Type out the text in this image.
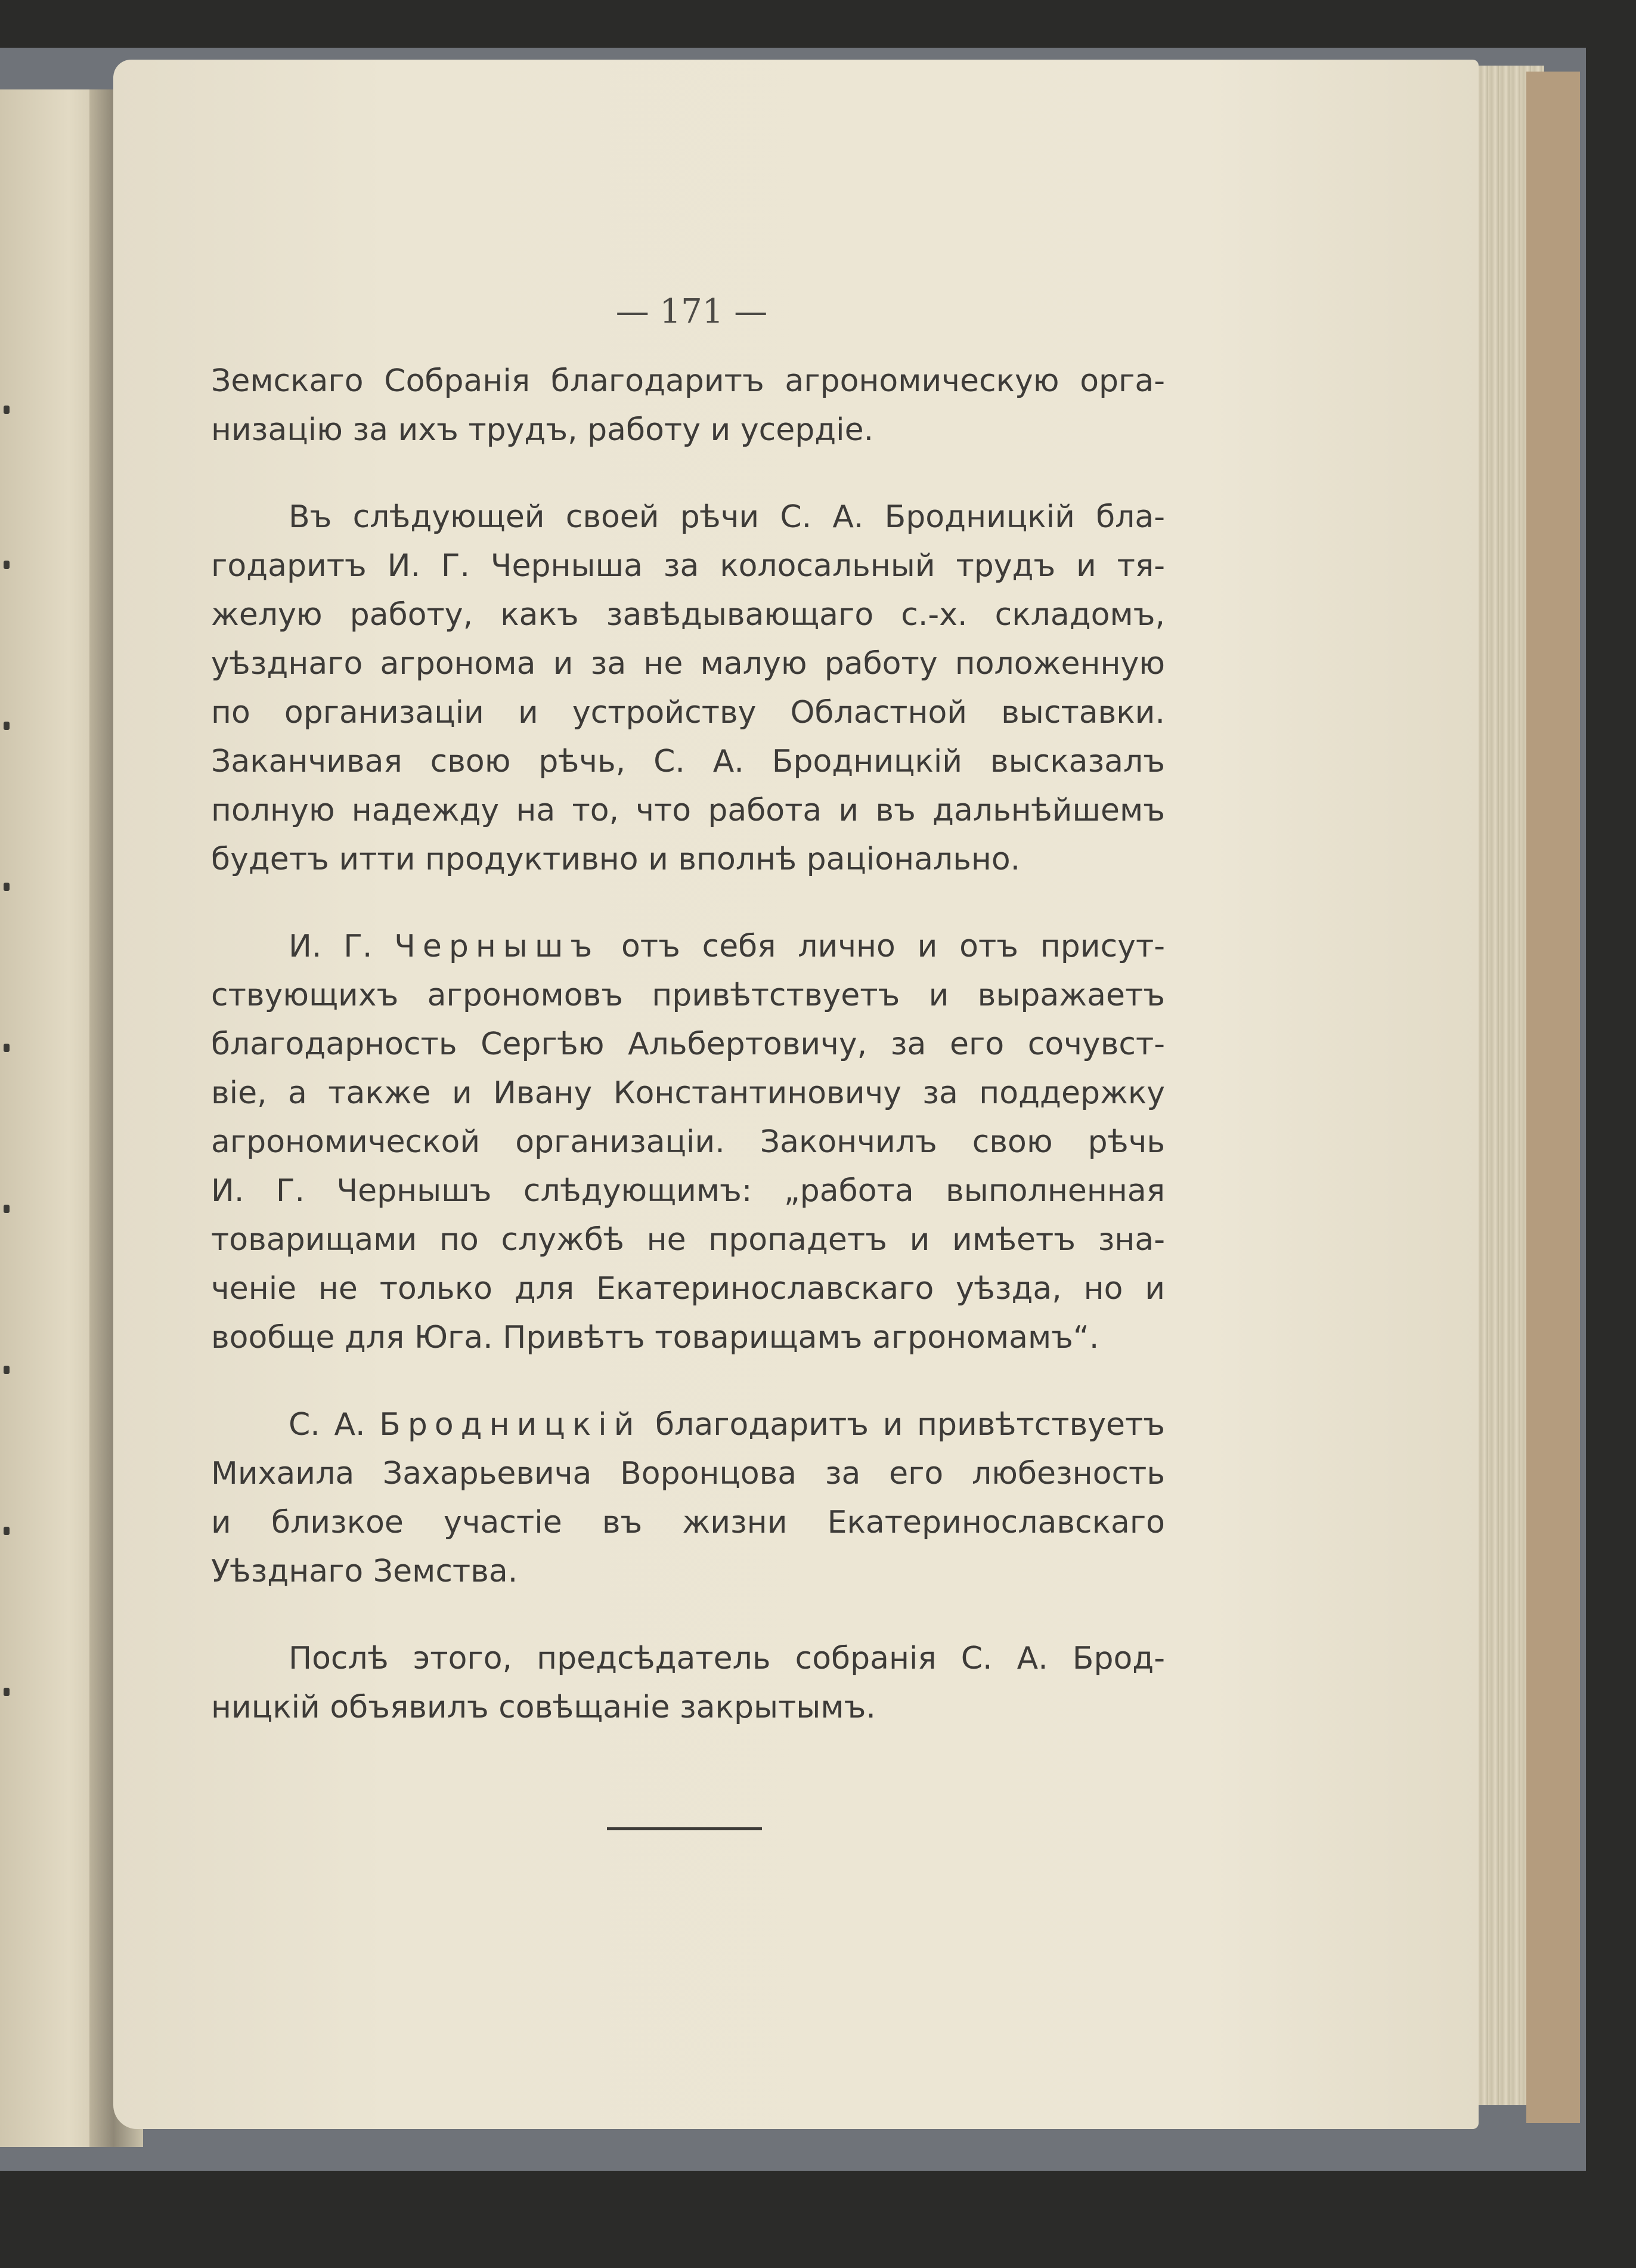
— 171 —

Земскаго Собранія благодаритъ агрономическую орга-

низацію за ихъ трудъ, работу и усердіе.

Въ слѣдующей своей рѣчи С. А. Бродницкій бла-

годаритъ И. Г. Черныша за колосальный трудъ и тя-

желую работу, какъ завѣдывающаго с.-х. складомъ,

уѣзднаго агронома и за не малую работу положенную

по организаціи и устройству Областной выставки.

Заканчивая свою рѣчь, С. А. Бродницкій высказалъ

полную надежду на то, что работа и въ дальнѣйшемъ

будетъ итти продуктивно и вполнѣ раціонально.

И. Г. Чернышъ отъ себя лично и отъ присут-

ствующихъ агрономовъ привѣтствуетъ и выражаетъ

благодарность Сергѣю Альбертовичу, за его сочувст-

віе, а также и Ивану Константиновичу за поддержку

агрономической организаціи. Закончилъ свою рѣчь

И. Г. Чернышъ слѣдующимъ: „работа выполненная

товарищами по службѣ не пропадетъ и имѣетъ зна-

ченіе не только для Екатеринославскаго уѣзда, но и

вообще для Юга. Привѣтъ товарищамъ агрономамъ“.

С. А. Бродницкій благодаритъ и привѣтствуетъ

Михаила Захарьевича Воронцова за его любезность

и близкое участіе въ жизни Екатеринославскаго

Уѣзднаго Земства.

Послѣ этого, предсѣдатель собранія С. А. Брод-

ницкій объявилъ совѣщаніе закрытымъ.
